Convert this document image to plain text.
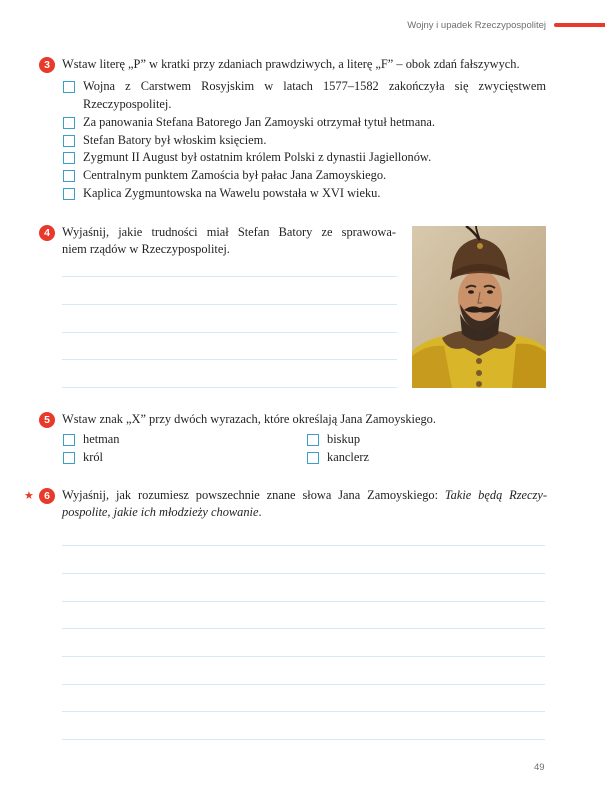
Wojny i upadek Rzeczypospolitej
3 Wstaw literę „P” w kratki przy zdaniach prawdziwych, a literę „F” – obok zdań fałszywych.
Wojna z Carstwem Rosyjskim w latach 1577–1582 zakończyła się zwycięstwem
Rzeczypospolitej.
Za panowania Stefana Batorego Jan Zamoyski otrzymał tytuł hetmana.
Stefan Batory był włoskim księciem.
Zygmunt II August był ostatnim królem Polski z dynastii Jagiellonów.
Centralnym punktem Zamościa był pałac Jana Zamoyskiego.
Kaplica Zygmuntowska na Wawelu powstała w XVI wieku.
4 Wyjaśnij, jakie trudności miał Stefan Batory ze sprawowa-
niem rządów w Rzeczypospolitej.
5 Wstaw znak „X” przy dwóch wyrazach, które określają Jana Zamoyskiego.
hetman	biskup
król	kanclerz
★ 6 Wyjaśnij, jak rozumiesz powszechnie znane słowa Jana Zamoyskiego: Takie będą Rzeczy-
pospolite, jakie ich młodzieży chowanie.
49
